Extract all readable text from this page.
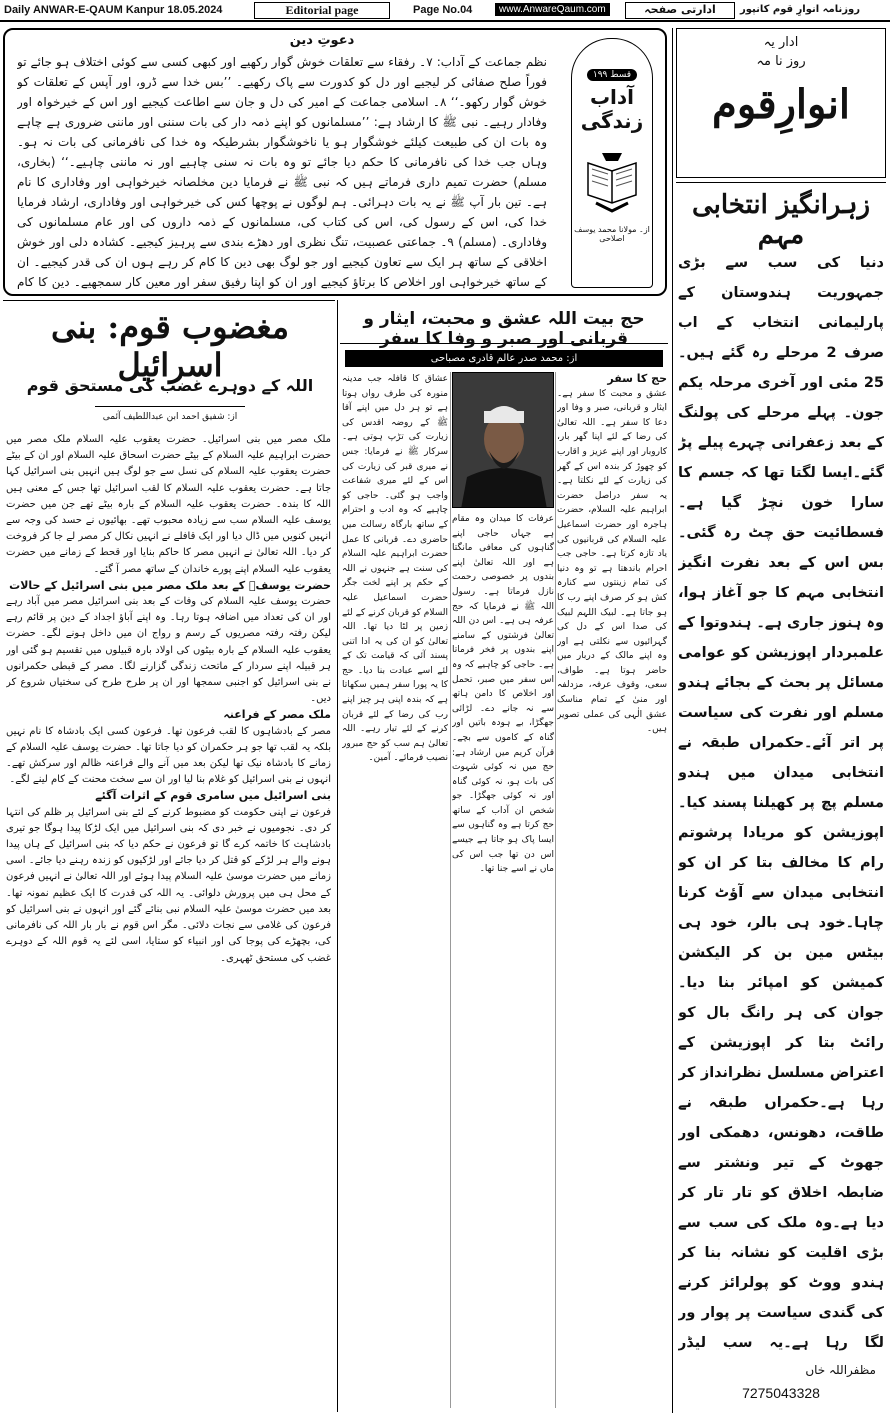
Daily ANWAR-E-QAUM Kanpur 18.05.2024	Editorial page	Page No.04	www.AnwareQaum.com	ادارتی صفحہ	روزنامہ انوارِ قوم کانپور
ادار یہ
روز نا مہ
انوارِقوم
زہرانگیز انتخابی مہم
دنیا کی سب سے بڑی جمہوریت ہندوستان کے پارلیمانی انتخاب کے اب صرف 2 مرحلے رہ گئے ہیں۔25 مئی اور آخری مرحلہ یکم جون۔ پہلے مرحلے کی پولنگ کے بعد زعفرانی چہرے پیلے پڑ گئے۔ایسا لگتا تھا کہ جسم کا سارا خون نچڑ گیا ہے۔فسطائیت حق چٹ رہ گئی۔بس اس کے بعد نفرت انگیز انتخابی مہم کا جو آغاز ہوا، وہ ہنوز جاری ہے۔ ہندوتوا کے علمبردار اپوزیشن کو عوامی مسائل پر بحث کے بجائے ہندو مسلم اور نفرت کی سیاست پر اتر آئے۔حکمراں طبقہ نے انتخابی میدان میں ہندو مسلم پچ پر کھیلنا پسند کیا۔اپوزیشن کو مریادا پرشوتم رام کا مخالف بتا کر ان کو انتخابی میدان سے آؤٹ کرنا چاہا۔خود ہی بالر، خود ہی بیٹس مین بن کر الیکشن کمیشن کو امپائر بنا دیا۔جوان کی ہر رانگ بال کو رائٹ بتا کر اپوزیشن کے اعتراض مسلسل نظرانداز کر رہا ہے۔حکمراں طبقہ نے طاقت، دھونس، دھمکی اور جھوٹ کے تیر ونشتر سے ضابطہ اخلاق کو تار تار کر دیا ہے۔وہ ملک کی سب سے بڑی اقلیت کو نشانہ بنا کر ہندو ووٹ کو پولرائز کرنے کی گندی سیاست پر پوار ور لگا رہا ہے۔یہ سب لیڈر
مظفراللہ خاں
7275043328
دعوتِ دین
نظم جماعت کے آداب: ۷۔ رفقاء سے تعلقات خوش گوار رکھیے اور کبھی کسی سے کوئی اختلاف ہو جائے تو فوراً صلح صفائی کر لیجیے اور دل کو کدورت سے پاک رکھیے۔ ’’بس خدا سے ڈرو، اور آپس کے تعلقات کو خوش گوار رکھو۔‘‘ ۸۔ اسلامی جماعت کے امیر کی دل و جان سے اطاعت کیجیے اور اس کے خیرخواہ اور وفادار رہیے۔ نبی ﷺ کا ارشاد ہے: ’’مسلمانوں کو اپنے ذمہ دار کی بات سننی اور ماننی ضروری ہے چاہے وہ بات ان کی طبیعت کیلئے خوشگوار ہو یا ناخوشگوار بشرطیکہ وہ خدا کی نافرمانی کی بات نہ ہو۔ وہاں جب خدا کی نافرمانی کا حکم دیا جائے تو وہ بات نہ سنی چاہیے اور نہ ماننی چاہیے۔‘‘ (بخاری، مسلم) حضرت تمیم داری فرماتے ہیں کہ نبی ﷺ نے فرمایا دین مخلصانہ خیرخواہی اور وفاداری کا نام ہے۔ تین بار آپ ﷺ نے یہ بات دہرائی۔ ہم لوگوں نے پوچھا کس کی خیرخواہی اور وفاداری، ارشاد فرمایا خدا کی، اس کے رسول کی، اس کی کتاب کی، مسلمانوں کے ذمہ داروں کی اور عام مسلمانوں کی وفاداری۔ (مسلم) ۹۔ جماعتی عصبیت، تنگ نظری اور دھڑے بندی سے پرہیز کیجیے۔ کشادہ دلی اور خوش اخلاقی کے ساتھ ہر ایک سے تعاون کیجیے اور جو لوگ بھی دین کا کام کر رہے ہوں ان کی قدر کیجیے۔ ان کے ساتھ خیرخواہی اور اخلاص کا برتاؤ کیجیے اور ان کو اپنا رفیق سفر اور معین کار سمجھیے۔ دین کا کام
قسط ۱۹۹
آداب
زندگی
از۔ مولانا محمد یوسف اصلاحی
مغضوب قوم: بنی اسرائیل
اللہ کے دوہرے غضب کی مستحق قوم
از: شفیق احمد ابن عبداللطیف آئمی
ملک مصر میں بنی اسرائیل۔ حضرت یعقوب علیہ السلام ملک مصر میں حضرت ابراہیم علیہ السلام کے بیٹے حضرت اسحاق علیہ السلام اور ان کے بیٹے حضرت یعقوب علیہ السلام کی نسل سے جو لوگ ہیں انہیں بنی اسرائیل کہا جاتا ہے۔ حضرت یعقوب علیہ السلام کا لقب اسرائیل تھا جس کے معنی ہیں اللہ کا بندہ۔ حضرت یعقوب علیہ السلام کے بارہ بیٹے تھے جن میں حضرت یوسف علیہ السلام سب سے زیادہ محبوب تھے۔ بھائیوں نے حسد کی وجہ سے انہیں کنویں میں ڈال دیا اور ایک قافلے نے انہیں نکال کر مصر لے جا کر فروخت کر دیا۔ اللہ تعالیٰ نے انہیں مصر کا حاکم بنایا اور قحط کے زمانے میں حضرت یعقوب علیہ السلام اپنے پورے خاندان کے ساتھ مصر آ گئے۔
حضرت یوسفؑ کے بعد ملک مصر میں بنی اسرائیل کے حالات
حضرت یوسف علیہ السلام کی وفات کے بعد بنی اسرائیل مصر میں آباد رہے اور ان کی تعداد میں اضافہ ہوتا رہا۔ وہ اپنے آباؤ اجداد کے دین پر قائم رہے لیکن رفتہ رفتہ مصریوں کے رسم و رواج ان میں داخل ہونے لگے۔ حضرت یعقوب علیہ السلام کے بارہ بیٹوں کی اولاد بارہ قبیلوں میں تقسیم ہو گئی اور ہر قبیلہ اپنے سردار کے ماتحت زندگی گزارنے لگا۔ مصر کے قبطی حکمرانوں نے بنی اسرائیل کو اجنبی سمجھا اور ان پر طرح طرح کی سختیاں شروع کر دیں۔
ملک مصر کے فراعنہ
مصر کے بادشاہوں کا لقب فرعون تھا۔ فرعون کسی ایک بادشاہ کا نام نہیں بلکہ یہ لقب تھا جو ہر حکمران کو دیا جاتا تھا۔ حضرت یوسف علیہ السلام کے زمانے کا بادشاہ نیک تھا لیکن بعد میں آنے والے فراعنہ ظالم اور سرکش تھے۔ انہوں نے بنی اسرائیل کو غلام بنا لیا اور ان سے سخت محنت کے کام لینے لگے۔
بنی اسرائیل میں سامری قوم کے اثرات آگئے
فرعون نے اپنی حکومت کو مضبوط کرنے کے لئے بنی اسرائیل پر ظلم کی انتہا کر دی۔ نجومیوں نے خبر دی کہ بنی اسرائیل میں ایک لڑکا پیدا ہوگا جو تیری بادشاہت کا خاتمہ کرے گا تو فرعون نے حکم دیا کہ بنی اسرائیل کے ہاں پیدا ہونے والے ہر لڑکے کو قتل کر دیا جائے اور لڑکیوں کو زندہ رہنے دیا جائے۔ اسی زمانے میں حضرت موسیٰ علیہ السلام پیدا ہوئے اور اللہ تعالیٰ نے انہیں فرعون کے محل ہی میں پرورش دلوائی۔ یہ اللہ کی قدرت کا ایک عظیم نمونہ تھا۔ بعد میں حضرت موسیٰ علیہ السلام نبی بنائے گئے اور انہوں نے بنی اسرائیل کو فرعون کی غلامی سے نجات دلائی۔ مگر اس قوم نے بار بار اللہ کی نافرمانی کی، بچھڑے کی پوجا کی اور انبیاء کو ستایا، اسی لئے یہ قوم اللہ کے دوہرے غضب کی مستحق ٹھہری۔
حج بیت اللہ عشق و محبت، ایثار و قربانی اور صبر و وفا کا سفر
از: محمد صدر عالم قادری مصباحی
حج کا سفر
عشق و محبت کا سفر ہے۔ ایثار و قربانی، صبر و وفا اور دعا کا سفر ہے۔ اللہ تعالیٰ کی رضا کے لئے اپنا گھر بار، کاروبار اور اپنے عزیز و اقارب کو چھوڑ کر بندہ اس کے گھر کی زیارت کے لئے نکلتا ہے۔ یہ سفر دراصل حضرت ابراہیم علیہ السلام، حضرت ہاجرہ اور حضرت اسماعیل علیہ السلام کی قربانیوں کی یاد تازہ کرتا ہے۔ حاجی جب احرام باندھتا ہے تو وہ دنیا کی تمام زینتوں سے کنارہ کش ہو کر صرف اپنے رب کا ہو جاتا ہے۔ لبیک اللہم لبیک کی صدا اس کے دل کی گہرائیوں سے نکلتی ہے اور وہ اپنے مالک کے دربار میں حاضر ہوتا ہے۔ طواف، سعی، وقوف عرفہ، مزدلفہ اور منیٰ کے تمام مناسک عشق الٰہی کی عملی تصویر ہیں۔
عرفات کا میدان وہ مقام ہے جہاں حاجی اپنے گناہوں کی معافی مانگتا ہے اور اللہ تعالیٰ اپنے بندوں پر خصوصی رحمت نازل فرماتا ہے۔ رسول اللہ ﷺ نے فرمایا کہ حج عرفہ ہی ہے۔ اس دن اللہ تعالیٰ فرشتوں کے سامنے اپنے بندوں پر فخر فرماتا ہے۔ حاجی کو چاہیے کہ وہ اس سفر میں صبر، تحمل اور اخلاص کا دامن ہاتھ سے نہ جانے دے۔ لڑائی جھگڑا، بے ہودہ باتیں اور گناہ کے کاموں سے بچے۔ قرآن کریم میں ارشاد ہے: حج میں نہ کوئی شہوت کی بات ہو، نہ کوئی گناہ اور نہ کوئی جھگڑا۔ جو شخص ان آداب کے ساتھ حج کرتا ہے وہ گناہوں سے ایسا پاک ہو جاتا ہے جیسے اس دن تھا جب اس کی ماں نے اسے جنا تھا۔
عشاق کا قافلہ جب مدینہ منورہ کی طرف رواں ہوتا ہے تو ہر دل میں اپنے آقا ﷺ کے روضہ اقدس کی زیارت کی تڑپ ہوتی ہے۔ سرکار ﷺ نے فرمایا: جس نے میری قبر کی زیارت کی اس کے لئے میری شفاعت واجب ہو گئی۔ حاجی کو چاہیے کہ وہ ادب و احترام کے ساتھ بارگاہ رسالت میں حاضری دے۔ قربانی کا عمل حضرت ابراہیم علیہ السلام کی سنت ہے جنہوں نے اللہ کے حکم پر اپنے لخت جگر حضرت اسماعیل علیہ السلام کو قربان کرنے کے لئے زمین پر لٹا دیا تھا۔ اللہ تعالیٰ کو ان کی یہ ادا اتنی پسند آئی کہ قیامت تک کے لئے اسے عبادت بنا دیا۔ حج کا یہ پورا سفر ہمیں سکھاتا ہے کہ بندہ اپنی ہر چیز اپنے رب کی رضا کے لئے قربان کرنے کے لئے تیار رہے۔ اللہ تعالیٰ ہم سب کو حج مبرور نصیب فرمائے۔ آمین۔
